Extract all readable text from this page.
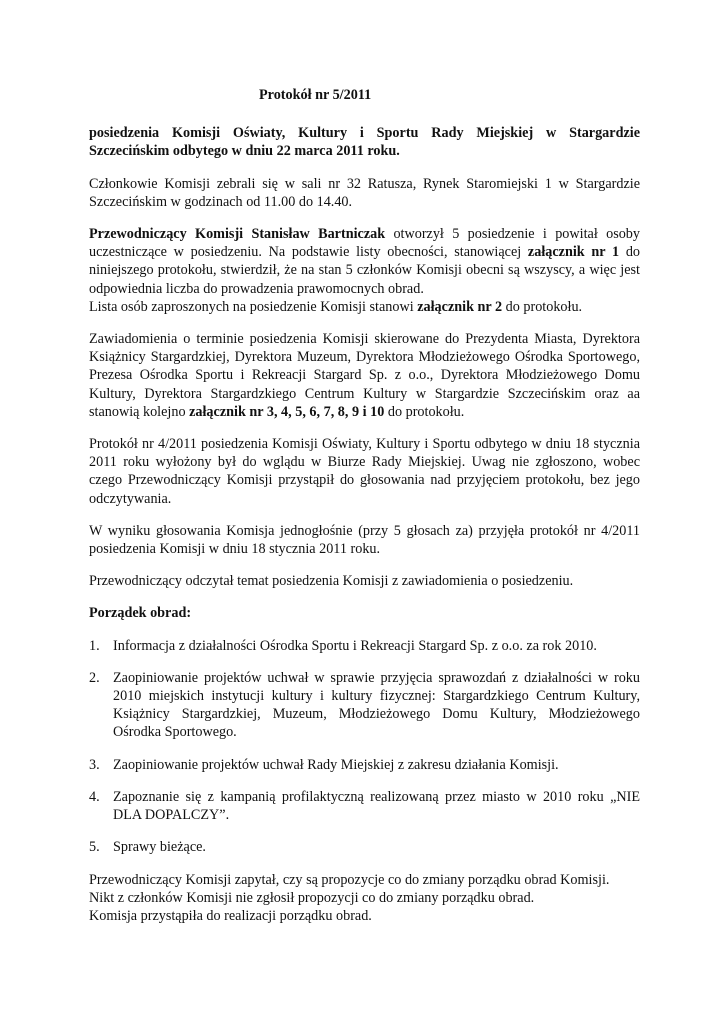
Protokół nr 5/2011

posiedzenia Komisji Oświaty, Kultury i Sportu Rady Miejskiej w Stargardzie Szczecińskim odbytego w dniu 22 marca 2011 roku.

Członkowie Komisji zebrali się w sali nr 32 Ratusza, Rynek Staromiejski 1 w Stargardzie Szczecińskim w godzinach od 11.00 do 14.40.

Przewodniczący Komisji Stanisław Bartniczak otworzył 5 posiedzenie i powitał osoby uczestniczące w posiedzeniu. Na podstawie listy obecności, stanowiącej załącznik nr 1 do niniejszego protokołu, stwierdził, że na stan 5 członków Komisji obecni są wszyscy, a więc jest odpowiednia liczba do prowadzenia prawomocnych obrad.

Lista osób zaproszonych na posiedzenie Komisji stanowi załącznik nr 2 do protokołu.

Zawiadomienia o terminie posiedzenia Komisji skierowane do Prezydenta Miasta, Dyrektora Książnicy Stargardzkiej, Dyrektora Muzeum, Dyrektora Młodzieżowego Ośrodka Sportowego, Prezesa Ośrodka Sportu i Rekreacji Stargard Sp. z o.o., Dyrektora Młodzieżowego Domu Kultury, Dyrektora Stargardzkiego Centrum Kultury w Stargardzie Szczecińskim oraz aa stanowią kolejno załącznik nr 3, 4, 5, 6, 7, 8, 9 i 10 do protokołu.

Protokół nr 4/2011 posiedzenia Komisji Oświaty, Kultury i Sportu odbytego w dniu 18 stycznia 2011 roku wyłożony był do wglądu w Biurze Rady Miejskiej. Uwag nie zgłoszono, wobec czego Przewodniczący Komisji przystąpił do głosowania nad przyjęciem protokołu, bez jego odczytywania.

W wyniku głosowania Komisja jednogłośnie (przy 5 głosach za) przyjęła protokół nr 4/2011 posiedzenia Komisji w dniu 18 stycznia 2011 roku.

Przewodniczący odczytał temat posiedzenia Komisji z zawiadomienia o posiedzeniu.

Porządek obrad:
1. Informacja z działalności Ośrodka Sportu i Rekreacji Stargard Sp. z o.o. za rok 2010.
2. Zaopiniowanie projektów uchwał w sprawie przyjęcia sprawozdań z działalności w roku 2010 miejskich instytucji kultury i kultury fizycznej: Stargardzkiego Centrum Kultury, Książnicy Stargardzkiej, Muzeum, Młodzieżowego Domu Kultury, Młodzieżowego Ośrodka Sportowego.
3. Zaopiniowanie projektów uchwał Rady Miejskiej z zakresu działania Komisji.
4. Zapoznanie się z kampanią profilaktyczną realizowaną przez miasto w 2010 roku „NIE DLA DOPALCZY”.
5. Sprawy bieżące.
Przewodniczący Komisji zapytał, czy są propozycje co do zmiany porządku obrad Komisji.
Nikt z członków Komisji nie zgłosił propozycji co do zmiany porządku obrad.
Komisja przystąpiła do realizacji porządku obrad.
